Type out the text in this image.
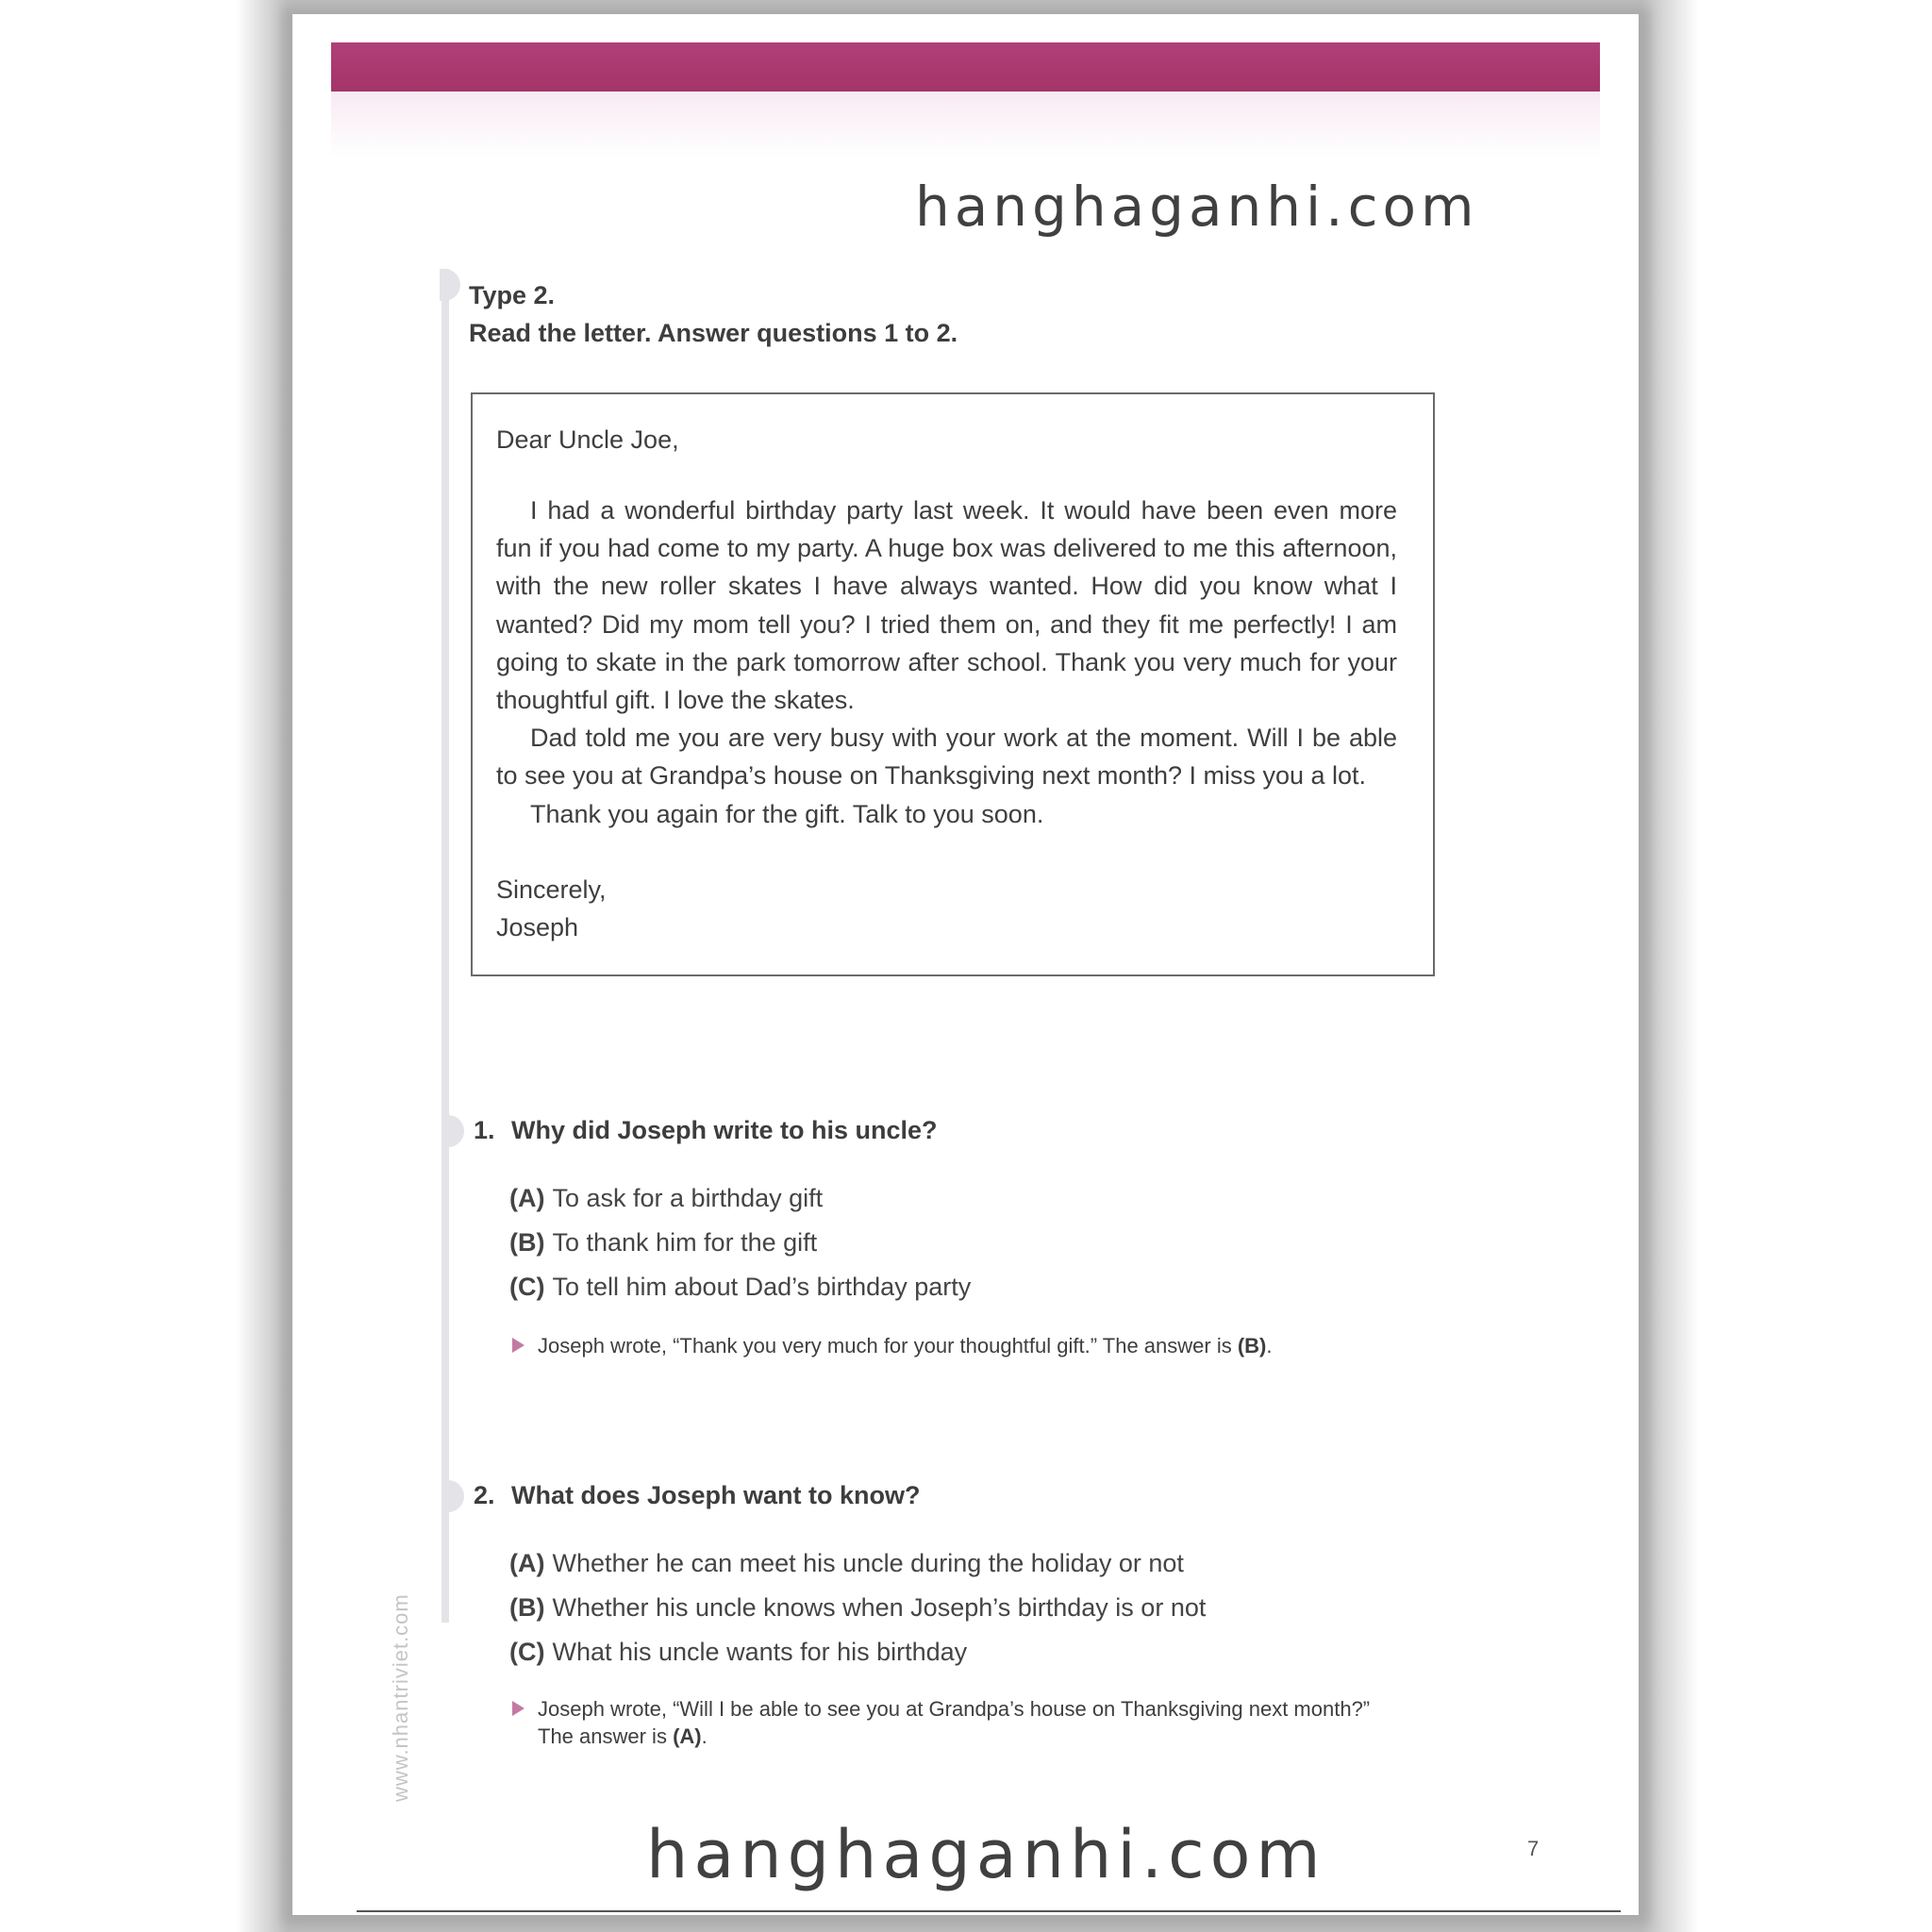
hanghaganhi.com
Type 2.
Read the letter. Answer questions 1 to 2.
Dear Uncle Joe,

I had a wonderful birthday party last week. It would have been even more fun if you had come to my party. A huge box was delivered to me this afternoon, with the new roller skates I have always wanted. How did you know what I wanted? Did my mom tell you? I tried them on, and they fit me perfectly! I am going to skate in the park tomorrow after school. Thank you very much for your thoughtful gift. I love the skates.

Dad told me you are very busy with your work at the moment. Will I be able to see you at Grandpa’s house on Thanksgiving next month? I miss you a lot.

Thank you again for the gift. Talk to you soon.

Sincerely,
Joseph
1. Why did Joseph write to his uncle?
(A) To ask for a birthday gift
(B) To thank him for the gift
(C) To tell him about Dad’s birthday party
Joseph wrote, “Thank you very much for your thoughtful gift.” The answer is (B).
2. What does Joseph want to know?
(A) Whether he can meet his uncle during the holiday or not
(B) Whether his uncle knows when Joseph’s birthday is or not
(C) What his uncle wants for his birthday
Joseph wrote, “Will I be able to see you at Grandpa’s house on Thanksgiving next month?”
The answer is (A).
www.nhantriviet.com
hanghaganhi.com	7
